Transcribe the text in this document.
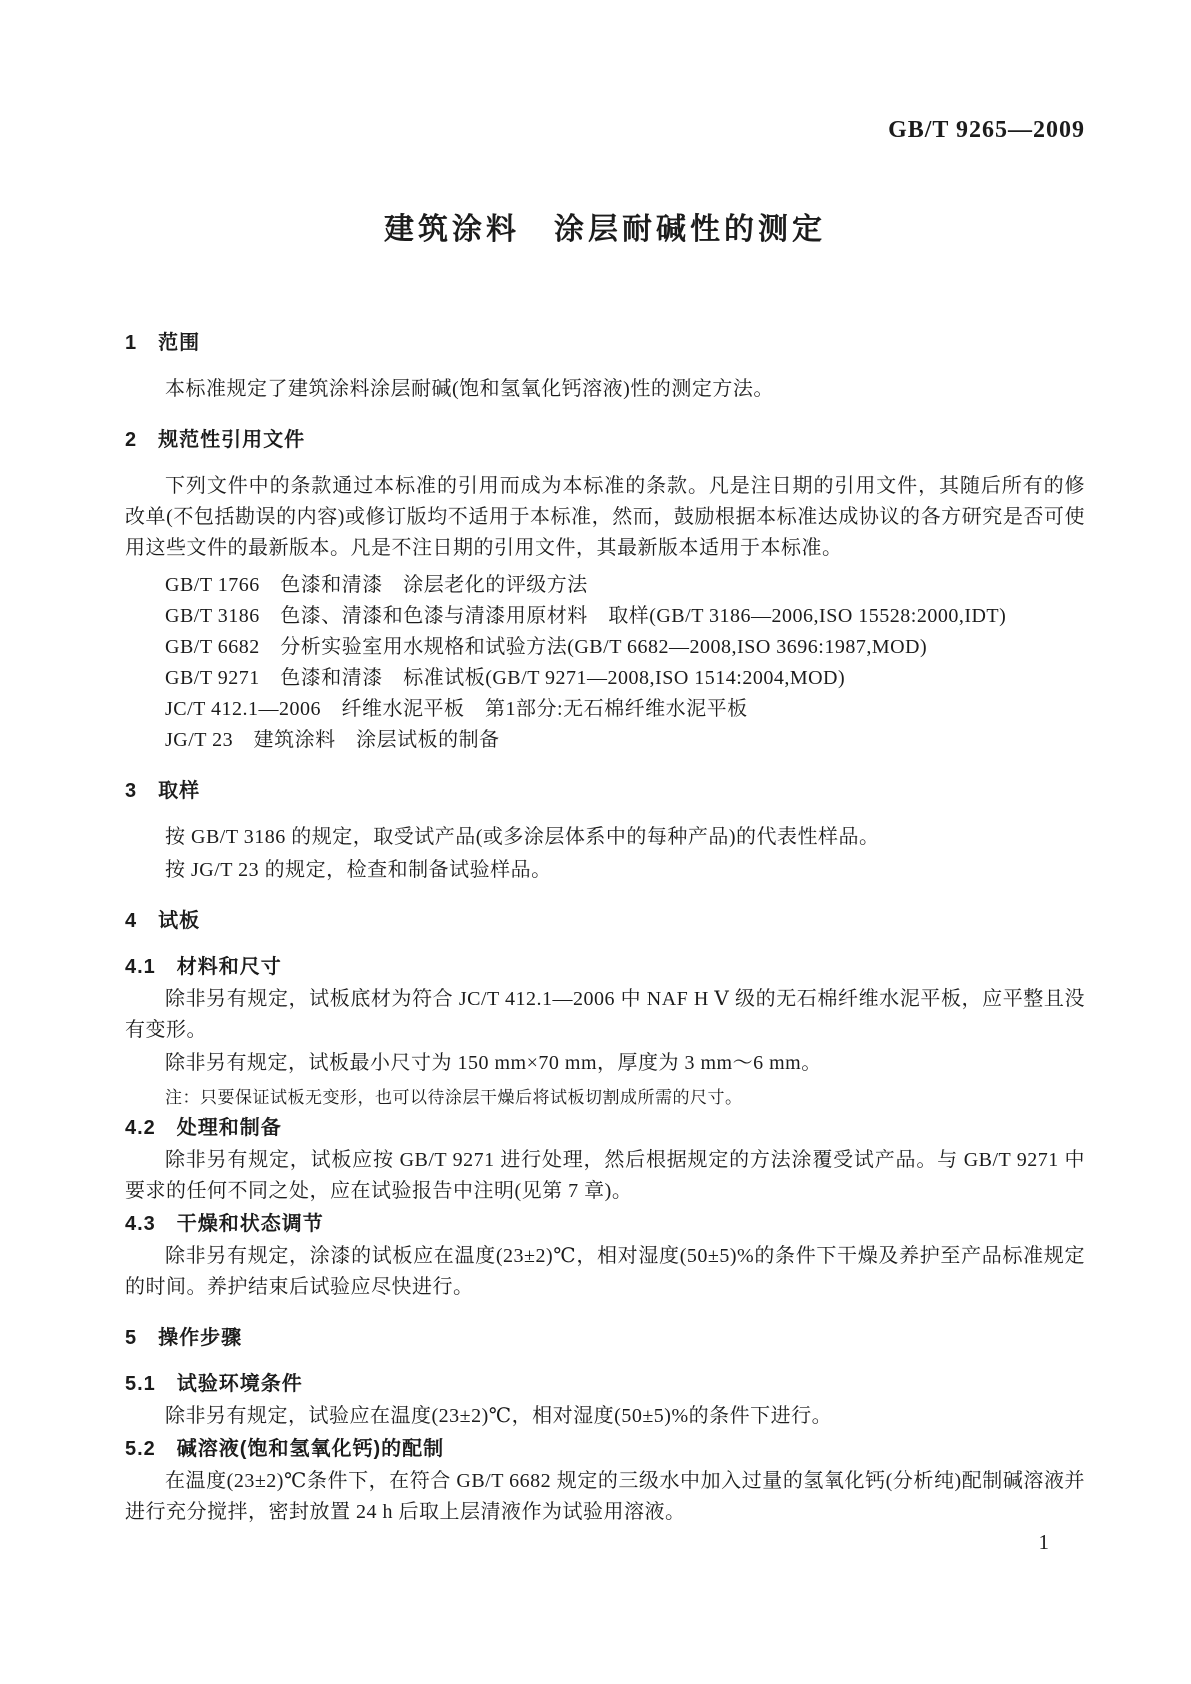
GB/T 9265—2009
建筑涂料　涂层耐碱性的测定
1　范围

本标准规定了建筑涂料涂层耐碱(饱和氢氧化钙溶液)性的测定方法。

2　规范性引用文件

下列文件中的条款通过本标准的引用而成为本标准的条款。凡是注日期的引用文件，其随后所有的修改单(不包括勘误的内容)或修订版均不适用于本标准，然而，鼓励根据本标准达成协议的各方研究是否可使用这些文件的最新版本。凡是不注日期的引用文件，其最新版本适用于本标准。

GB/T 1766　色漆和清漆　涂层老化的评级方法

GB/T 3186　色漆、清漆和色漆与清漆用原材料　取样(GB/T 3186—2006,ISO 15528:2000,IDT)

GB/T 6682　分析实验室用水规格和试验方法(GB/T 6682—2008,ISO 3696:1987,MOD)

GB/T 9271　色漆和清漆　标准试板(GB/T 9271—2008,ISO 1514:2004,MOD)

JC/T 412.1—2006　纤维水泥平板　第1部分:无石棉纤维水泥平板

JG/T 23　建筑涂料　涂层试板的制备

3　取样

按 GB/T 3186 的规定，取受试产品(或多涂层体系中的每种产品)的代表性样品。

按 JG/T 23 的规定，检查和制备试验样品。

4　试板
4.1　材料和尺寸

除非另有规定，试板底材为符合 JC/T 412.1—2006 中 NAF H Ⅴ 级的无石棉纤维水泥平板，应平整且没有变形。

除非另有规定，试板最小尺寸为 150 mm×70 mm，厚度为 3 mm～6 mm。

注：只要保证试板无变形，也可以待涂层干燥后将试板切割成所需的尺寸。

4.2　处理和制备

除非另有规定，试板应按 GB/T 9271 进行处理，然后根据规定的方法涂覆受试产品。与 GB/T 9271 中要求的任何不同之处，应在试验报告中注明(见第 7 章)。

4.3　干燥和状态调节

除非另有规定，涂漆的试板应在温度(23±2)℃，相对湿度(50±5)%的条件下干燥及养护至产品标准规定的时间。养护结束后试验应尽快进行。

5　操作步骤
5.1　试验环境条件

除非另有规定，试验应在温度(23±2)℃，相对湿度(50±5)%的条件下进行。

5.2　碱溶液(饱和氢氧化钙)的配制

在温度(23±2)℃条件下，在符合 GB/T 6682 规定的三级水中加入过量的氢氧化钙(分析纯)配制碱溶液并进行充分搅拌，密封放置 24 h 后取上层清液作为试验用溶液。

1
